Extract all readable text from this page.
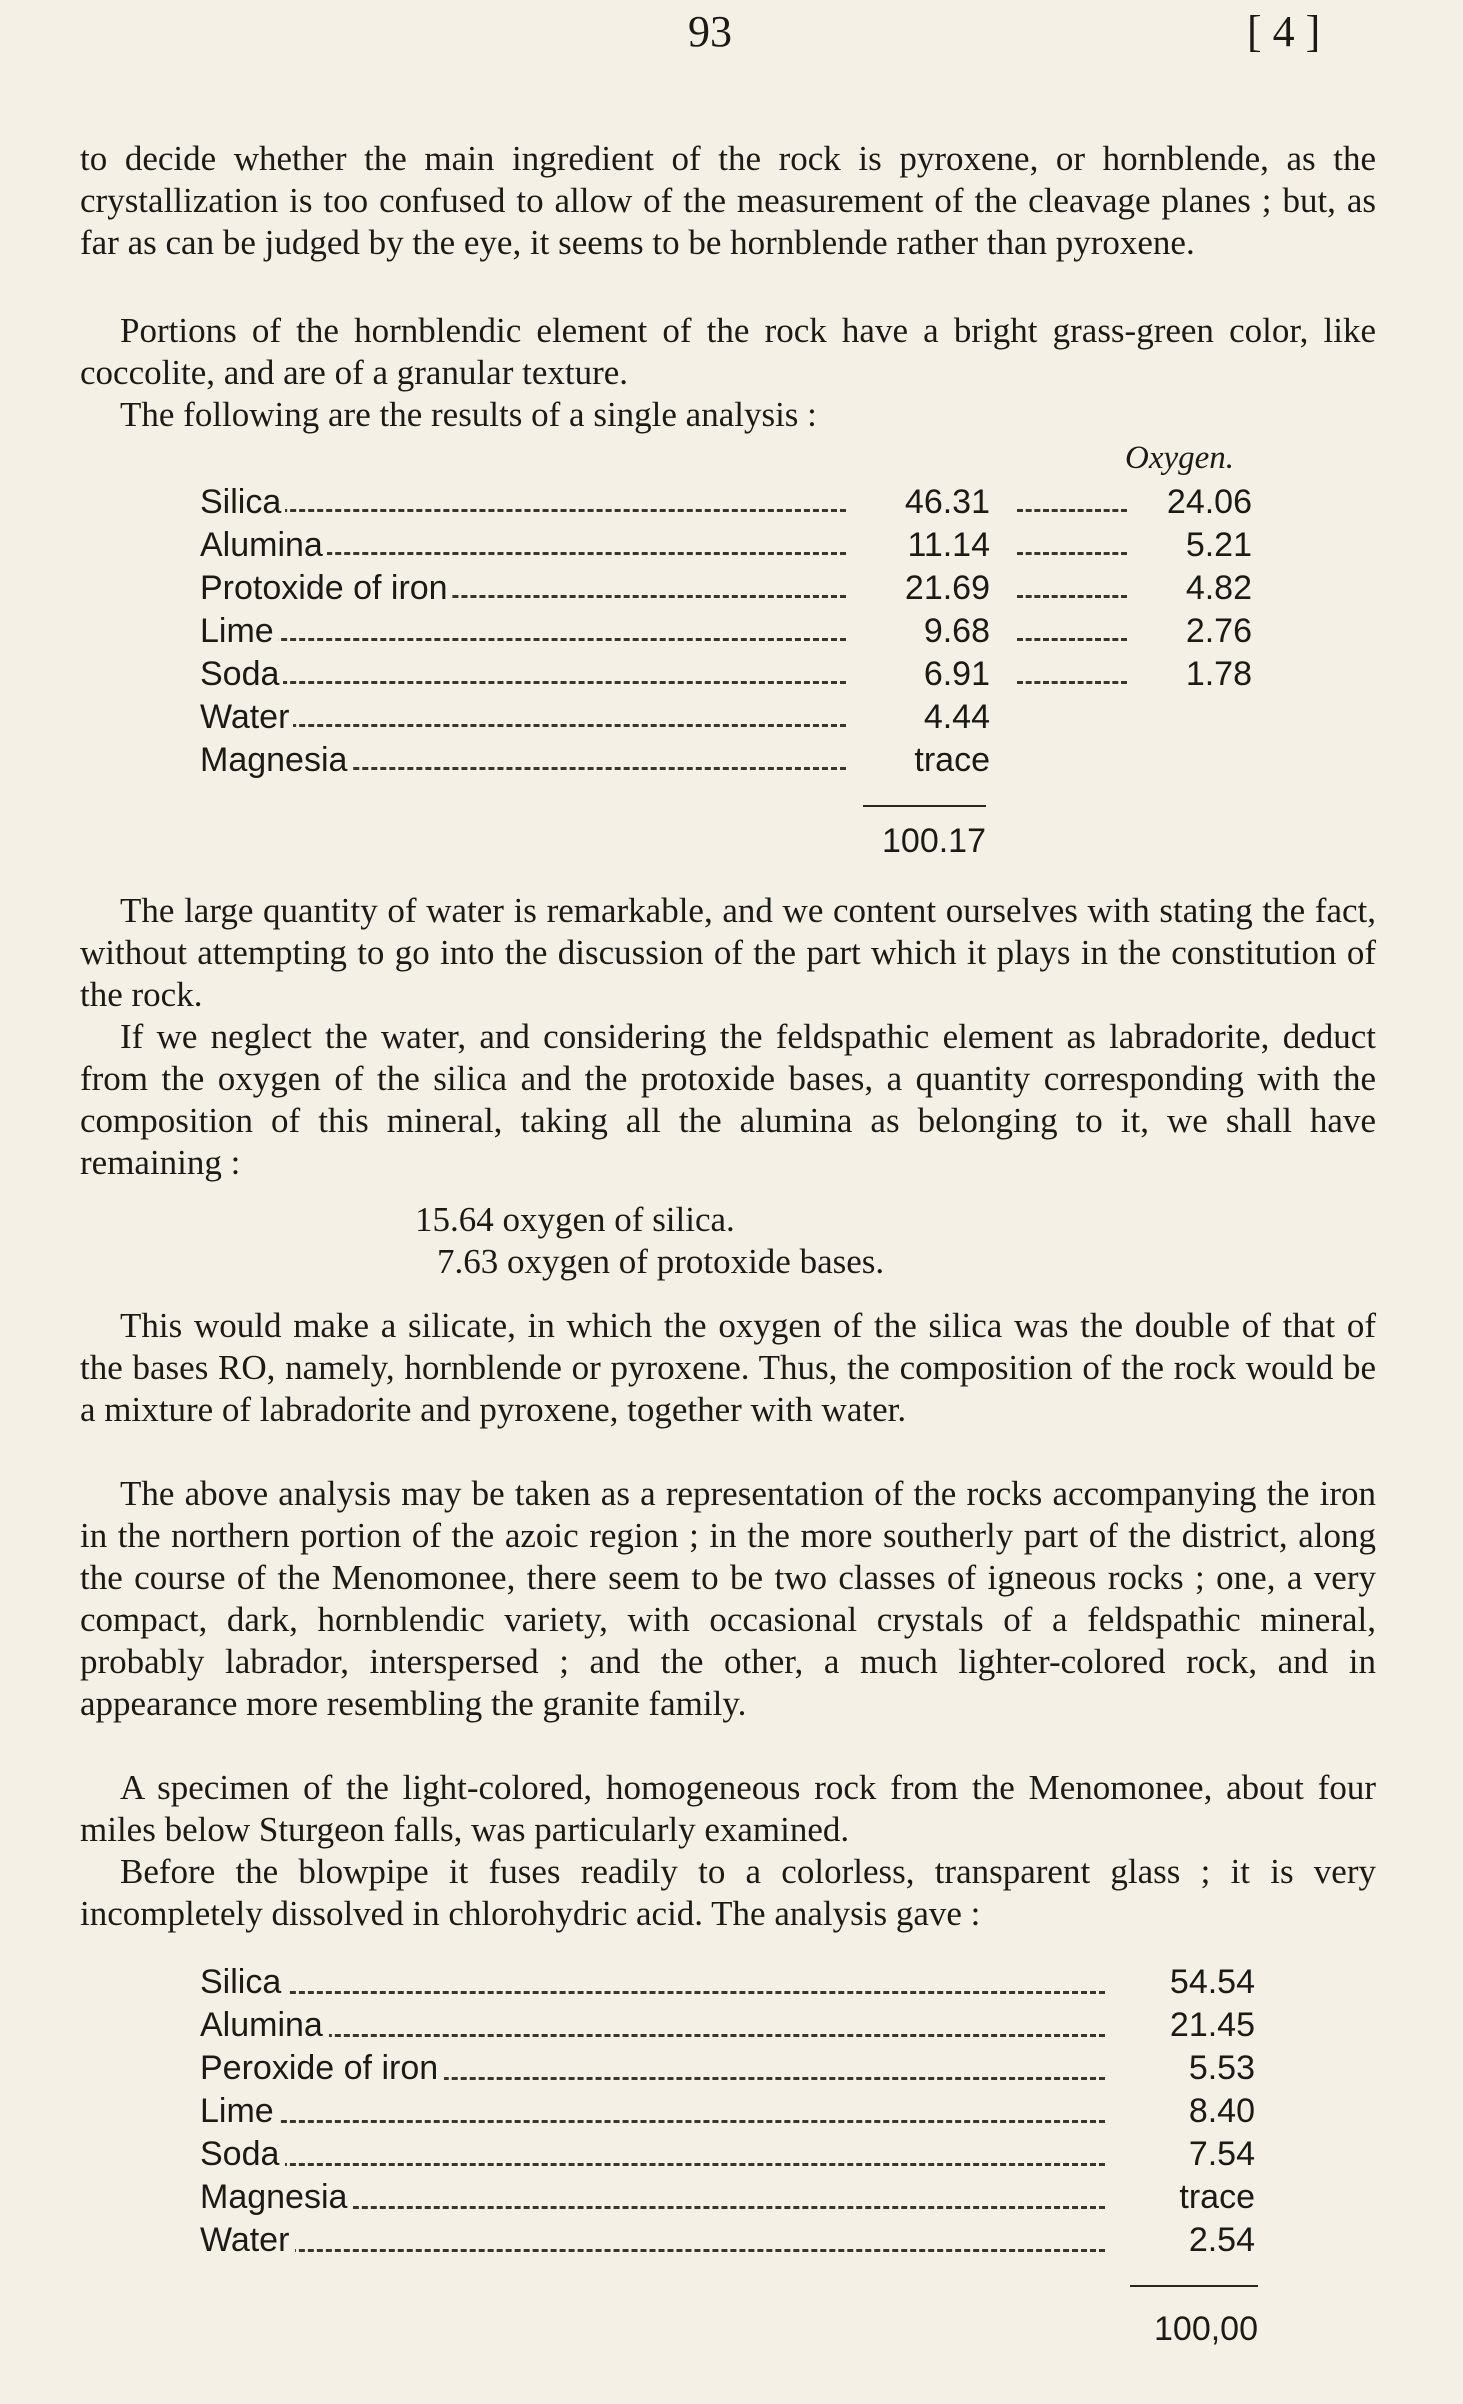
93	[ 4 ]

to decide whether the main ingredient of the rock is pyroxene, or hornblende, as the crystallization is too confused to allow of the measurement of the cleavage planes ; but, as far as can be judged by the eye, it seems to be hornblende rather than pyroxene.

Portions of the hornblendic element of the rock have a bright grass-green color, like coccolite, and are of a granular texture.

The following are the results of a single analysis :

Oxygen.
Silica	46.31	24.06
Alumina	11.14	5.21
Protoxide of iron	21.69	4.82
Lime	9.68	2.76
Soda	6.91	1.78
Water	4.44
Magnesia	trace
100.17

The large quantity of water is remarkable, and we content ourselves with stating the fact, without attempting to go into the discussion of the part which it plays in the constitution of the rock.

If we neglect the water, and considering the feldspathic element as labradorite, deduct from the oxygen of the silica and the protoxide bases, a quantity corresponding with the composition of this mineral, taking all the alumina as belonging to it, we shall have remaining :

15.64 oxygen of silica.
7.63 oxygen of protoxide bases.

This would make a silicate, in which the oxygen of the silica was the double of that of the bases RO, namely, hornblende or pyroxene. Thus, the composition of the rock would be a mixture of labradorite and pyroxene, together with water.

The above analysis may be taken as a representation of the rocks accompanying the iron in the northern portion of the azoic region ; in the more southerly part of the district, along the course of the Menomonee, there seem to be two classes of igneous rocks ; one, a very compact, dark, hornblendic variety, with occasional crystals of a feldspathic mineral, probably labrador, interspersed ; and the other, a much lighter-colored rock, and in appearance more resembling the granite family.

A specimen of the light-colored, homogeneous rock from the Menomonee, about four miles below Sturgeon falls, was particularly examined.

Before the blowpipe it fuses readily to a colorless, transparent glass ; it is very incompletely dissolved in chlorohydric acid. The analysis gave :

Silica	54.54
Alumina	21.45
Peroxide of iron	5.53
Lime	8.40
Soda	7.54
Magnesia	trace
Water	2.54
100,00
